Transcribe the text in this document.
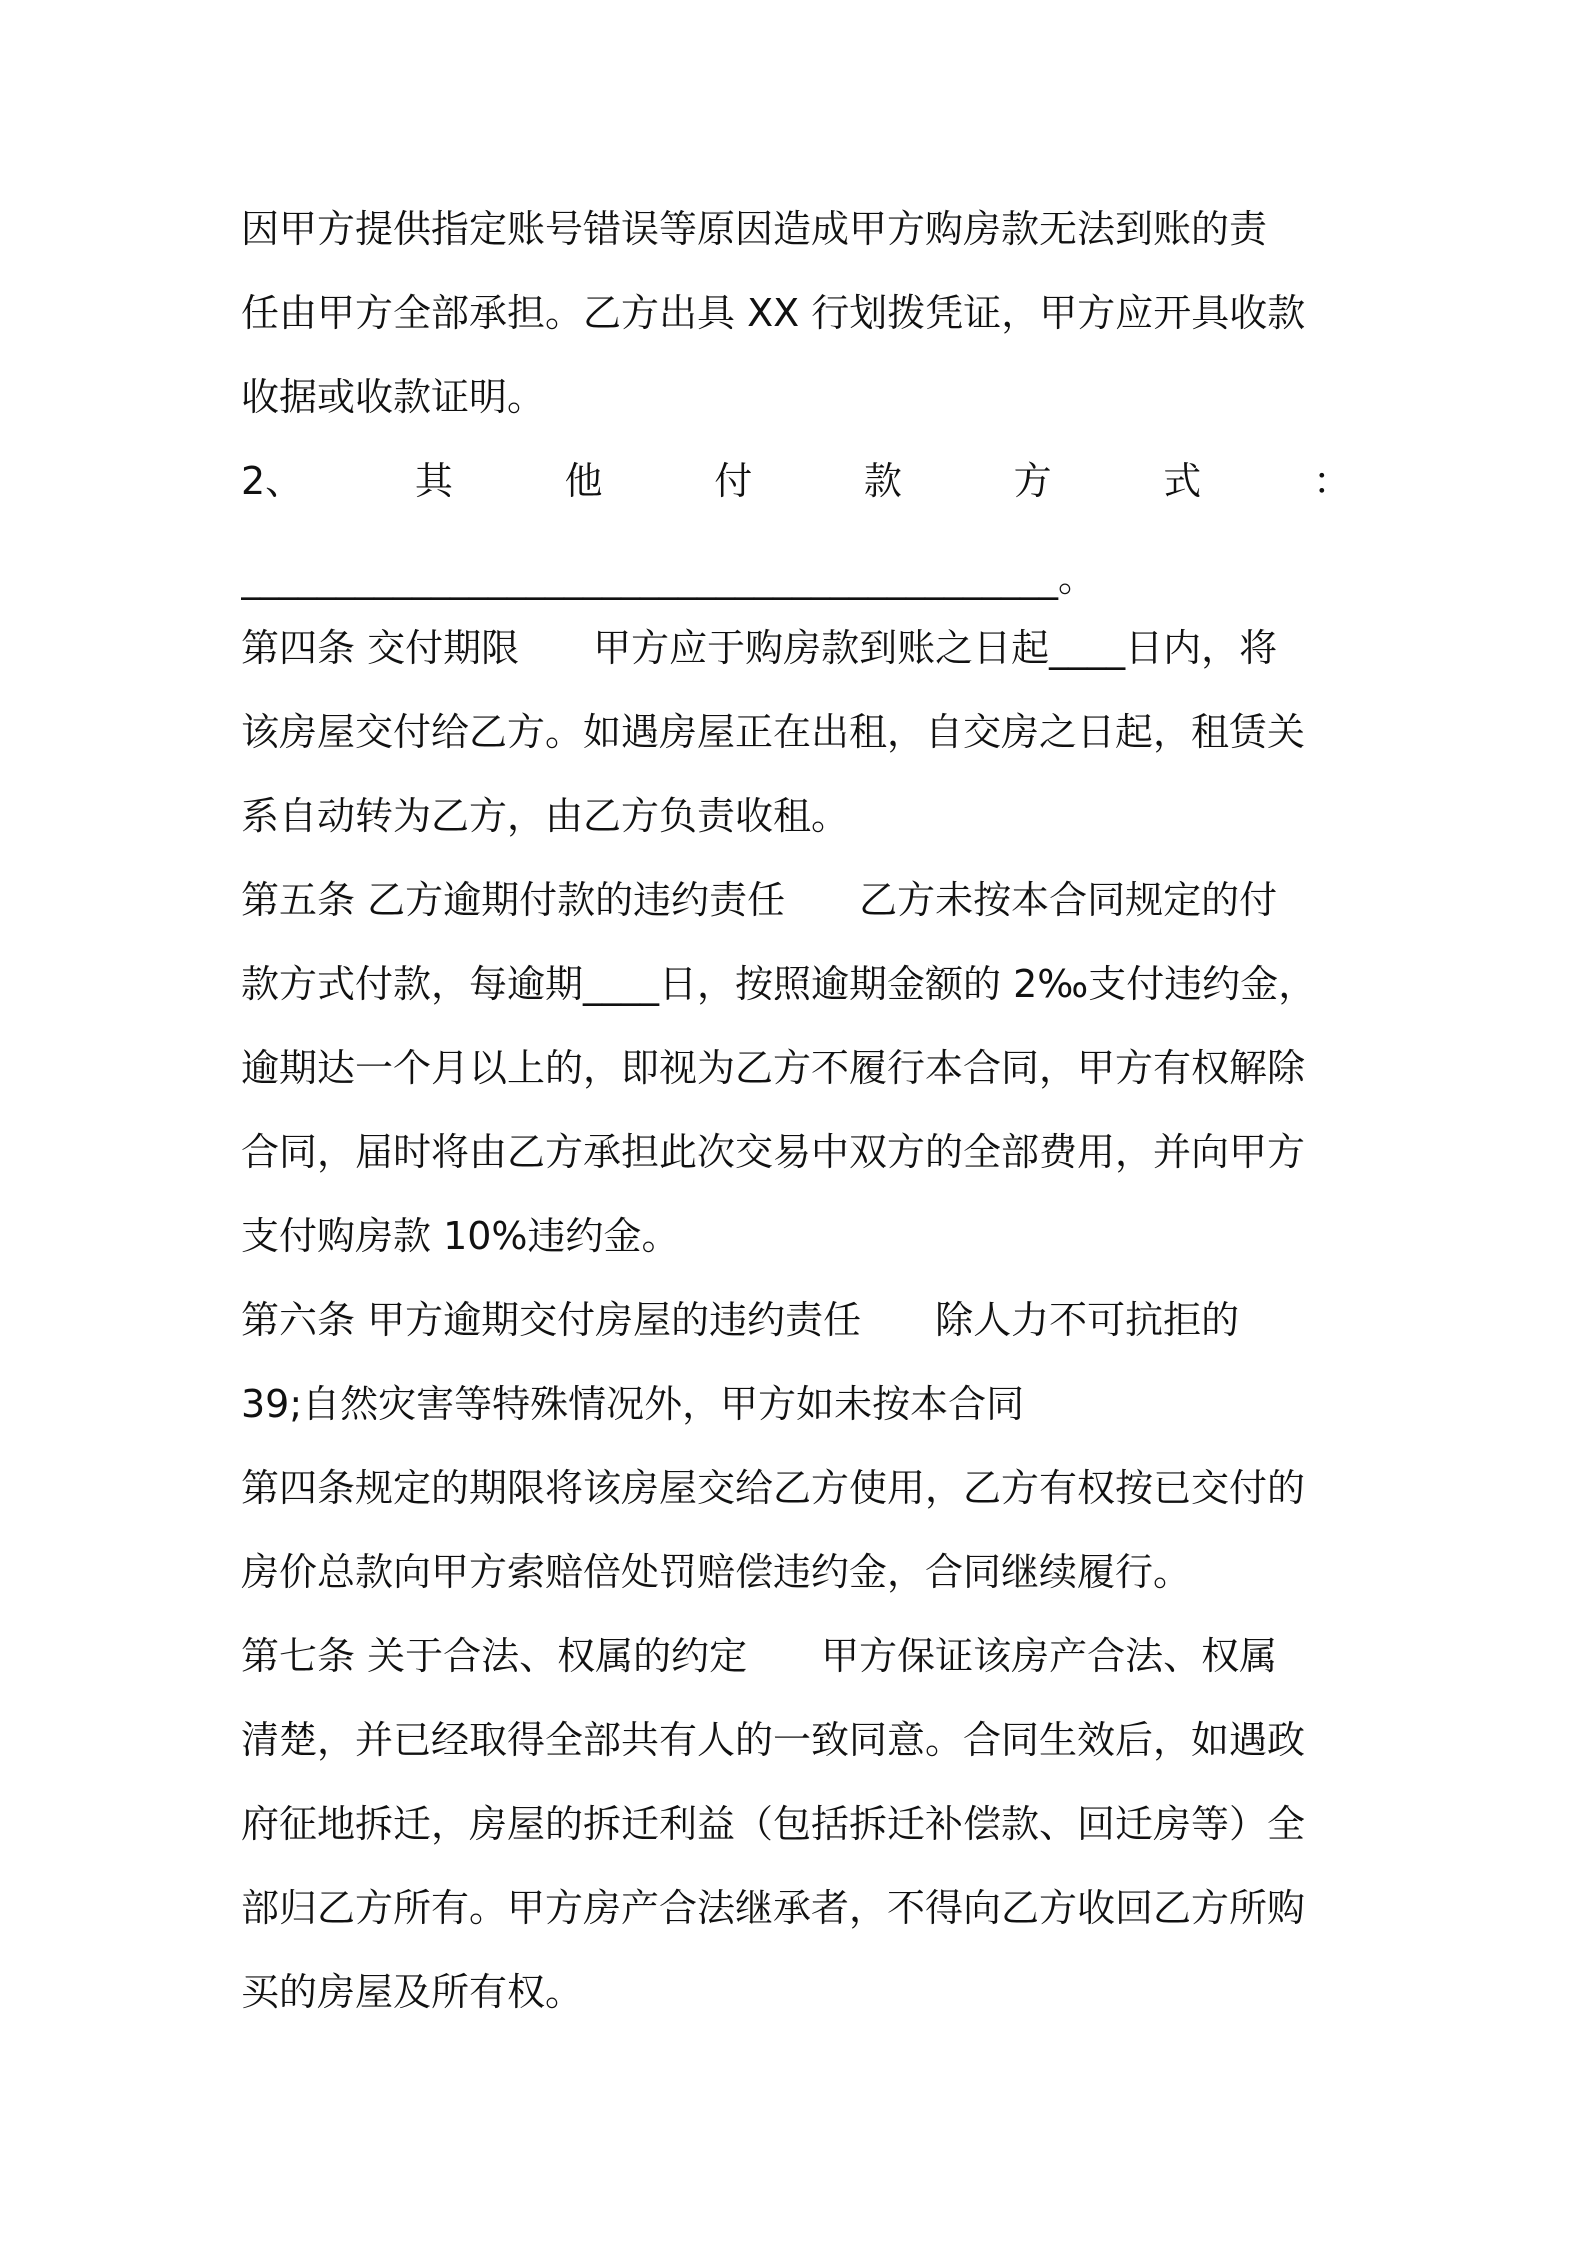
因甲方提供指定账号错误等原因造成甲方购房款无法到账的责
任由甲方全部承担。乙方出具 XX 行划拨凭证，甲方应开具收款
收据或收款证明。
2、	其	他	付	款	方	式	：
___________________________________________。
第四条 交付期限 甲方应于购房款到账之日起____日内，将
该房屋交付给乙方。如遇房屋正在出租，自交房之日起，租赁关
系自动转为乙方，由乙方负责收租。
第五条 乙方逾期付款的违约责任 乙方未按本合同规定的付
款方式付款，每逾期____日，按照逾期金额的 2‰支付违约金，
逾期达一个月以上的，即视为乙方不履行本合同，甲方有权解除
合同，届时将由乙方承担此次交易中双方的全部费用，并向甲方
支付购房款 10%违约金。
第六条 甲方逾期交付房屋的违约责任 除人力不可抗拒的
39;自然灾害等特殊情况外，甲方如未按本合同
第四条规定的期限将该房屋交给乙方使用，乙方有权按已交付的
房价总款向甲方索赔倍处罚赔偿违约金，合同继续履行。
第七条 关于合法、权属的约定 甲方保证该房产合法、权属
清楚，并已经取得全部共有人的一致同意。合同生效后，如遇政
府征地拆迁，房屋的拆迁利益（包括拆迁补偿款、回迁房等）全
部归乙方所有。甲方房产合法继承者，不得向乙方收回乙方所购
买的房屋及所有权。
